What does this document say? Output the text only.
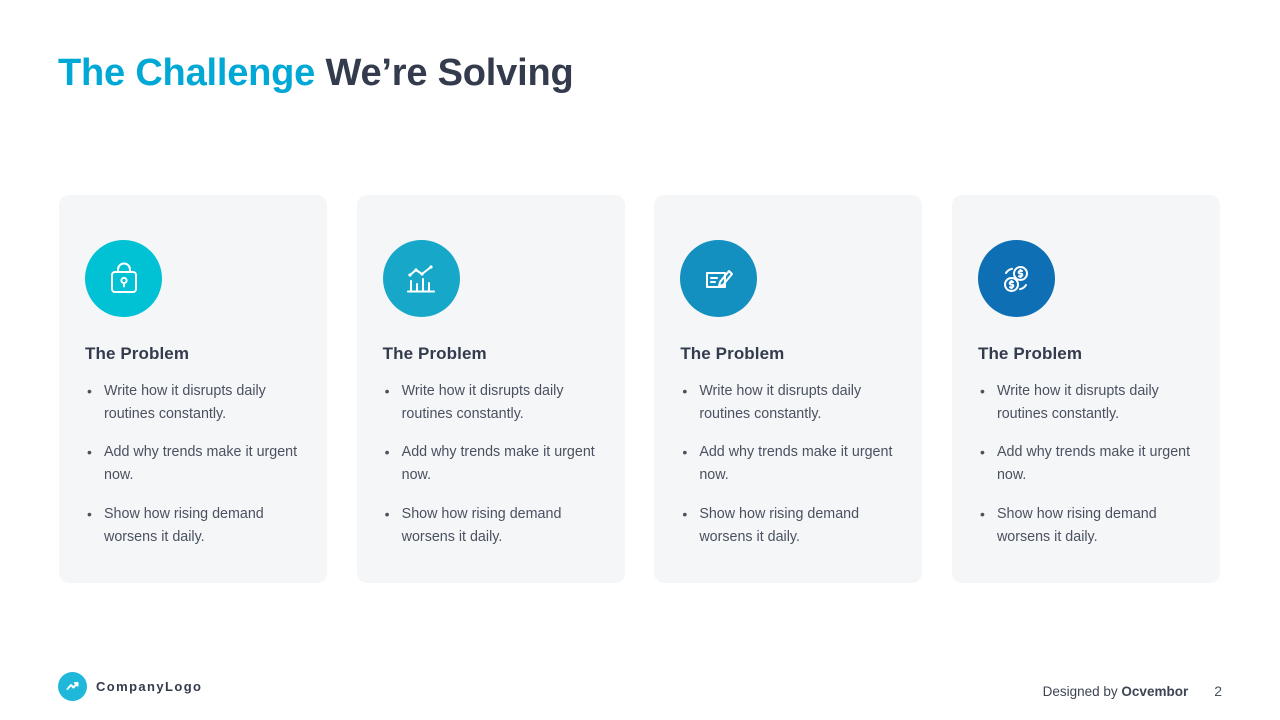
The Challenge We’re Solving
The Problem
• Write how it disrupts daily routines constantly.
• Add why trends make it urgent now.
• Show how rising demand worsens it daily.
The Problem
• Write how it disrupts daily routines constantly.
• Add why trends make it urgent now.
• Show how rising demand worsens it daily.
The Problem
• Write how it disrupts daily routines constantly.
• Add why trends make it urgent now.
• Show how rising demand worsens it daily.
The Problem
• Write how it disrupts daily routines constantly.
• Add why trends make it urgent now.
• Show how rising demand worsens it daily.
CompanyLogo	Designed by Ocvembor 2
